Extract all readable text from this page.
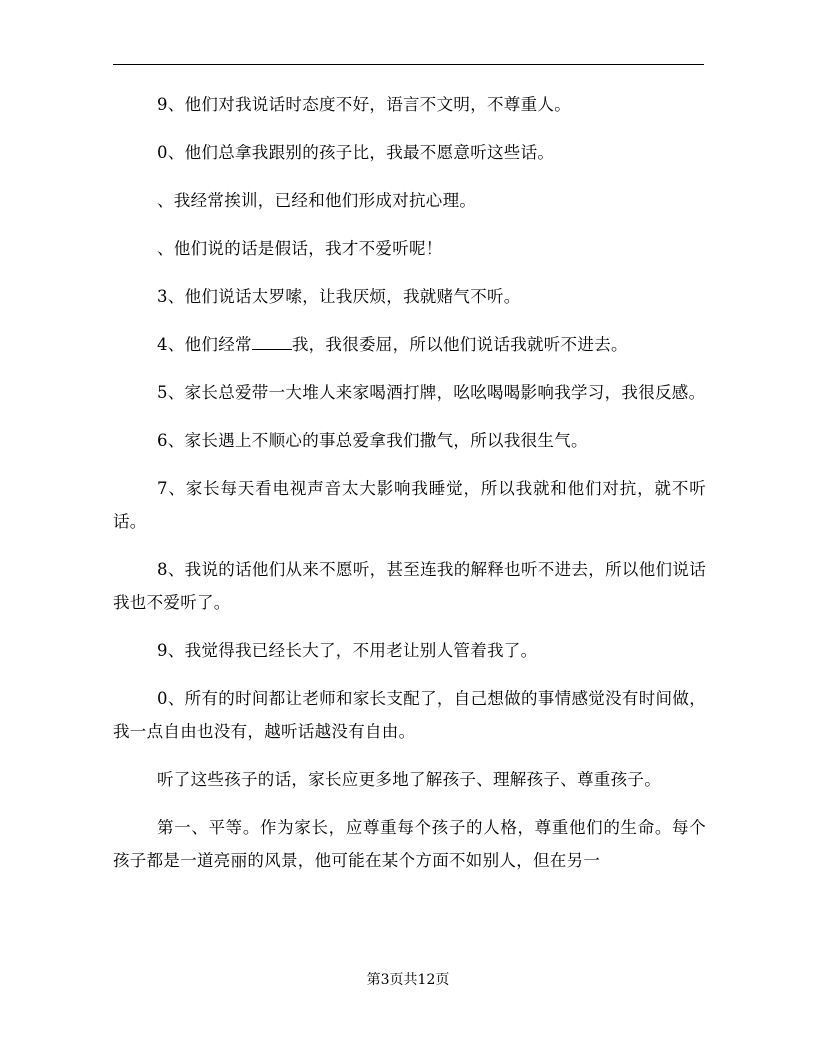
9、他们对我说话时态度不好，语言不文明，不尊重人。

0、他们总拿我跟别的孩子比，我最不愿意听这些话。

、我经常挨训，已经和他们形成对抗心理。

、他们说的话是假话，我才不爱听呢！

3、他们说话太罗嗦，让我厌烦，我就赌气不听。

4、他们经常 我，我很委屈，所以他们说话我就听不进去。

5、家长总爱带一大堆人来家喝酒打牌，吆吆喝喝影响我学习，我很反感。

6、家长遇上不顺心的事总爱拿我们撒气，所以我很生气。

7、家长每天看电视声音太大影响我睡觉，所以我就和他们对抗，就不听话。

8、我说的话他们从来不愿听，甚至连我的解释也听不进去，所以他们说话我也不爱听了。

9、我觉得我已经长大了，不用老让别人管着我了。

0、所有的时间都让老师和家长支配了，自己想做的事情感觉没有时间做，我一点自由也没有，越听话越没有自由。

听了这些孩子的话，家长应更多地了解孩子、理解孩子、尊重孩子。

第一、平等。作为家长，应尊重每个孩子的人格，尊重他们的生命。每个孩子都是一道亮丽的风景，他可能在某个方面不如别人，但在另一

第3页共12页
